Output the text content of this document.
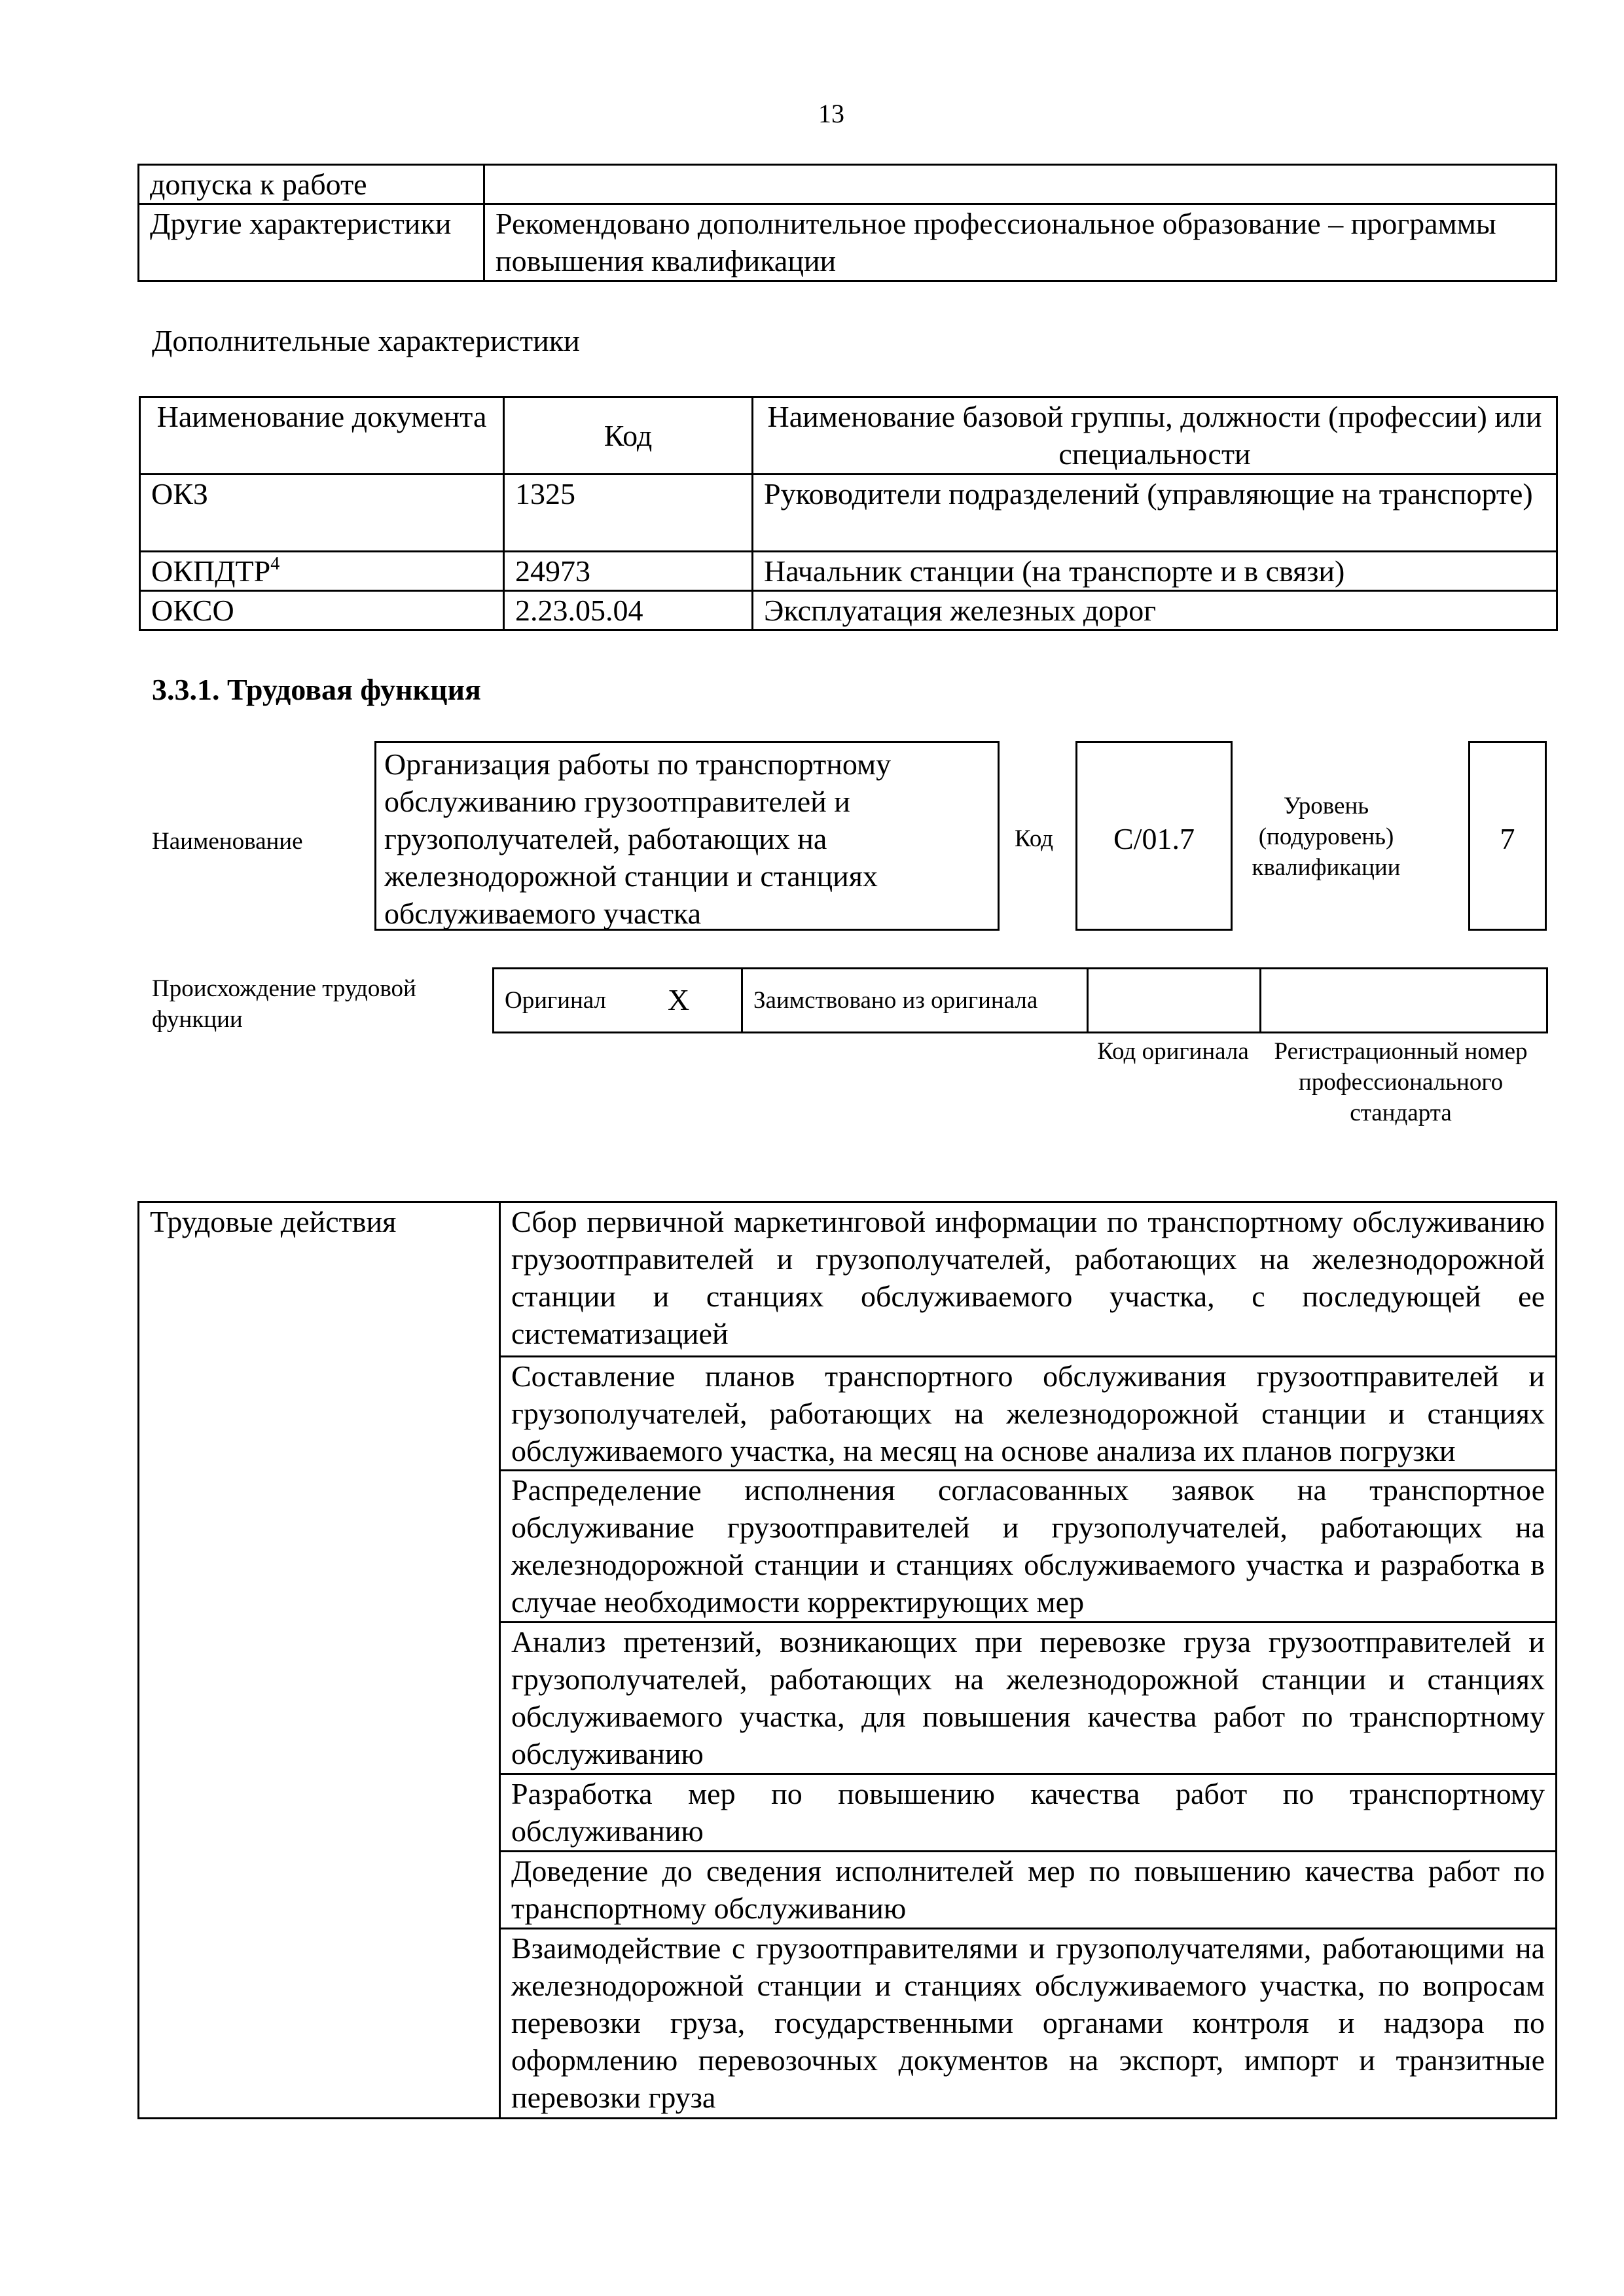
13
допуска к работе	
Другие характеристики	Рекомендовано дополнительное профессиональное образование – программы повышения квалификации
Дополнительные характеристики
Наименование документа	Код	Наименование базовой группы, должности (профессии) или специальности
ОКЗ	1325	Руководители подразделений (управляющие на транспорте)
ОКПДТР$^4$	24973	Начальник станции (на транспорте и в связи)
ОКСО	2.23.05.04	Эксплуатация железных дорог
3.3.1. Трудовая функция
Наименование
Организация работы по транспортному обслуживанию грузоотправителей и грузополучателей, работающих на железнодорожной станции и станциях обслуживаемого участка
Код	C/01.7
Уровень (подуровень) квалификации
7
Происхождение трудовой функции
Оригинал X	Заимствовано из оригинала		
Код оригинала	Регистрационный номер профессионального стандарта
Трудовые действия	Сбор первичной маркетинговой информации по транспортному обслуживанию грузоотправителей и грузополучателей, работающих на железнодорожной станции и станциях обслуживаемого участка, с последующей ее систематизацией
Составление планов транспортного обслуживания грузоотправителей и грузополучателей, работающих на железнодорожной станции и станциях обслуживаемого участка, на месяц на основе анализа их планов погрузки
Распределение исполнения согласованных заявок на транспортное обслуживание грузоотправителей и грузополучателей, работающих на железнодорожной станции и станциях обслуживаемого участка и разработка в случае необходимости корректирующих мер
Анализ претензий, возникающих при перевозке груза грузоотправителей и грузополучателей, работающих на железнодорожной станции и станциях обслуживаемого участка, для повышения качества работ по транспортному обслуживанию
Разработка мер по повышению качества работ по транспортному обслуживанию
Доведение до сведения исполнителей мер по повышению качества работ по транспортному обслуживанию
Взаимодействие с грузоотправителями и грузополучателями, работающими на железнодорожной станции и станциях обслуживаемого участка, по вопросам перевозки груза, государственными органами контроля и надзора по оформлению перевозочных документов на экспорт, импорт и транзитные перевозки груза
